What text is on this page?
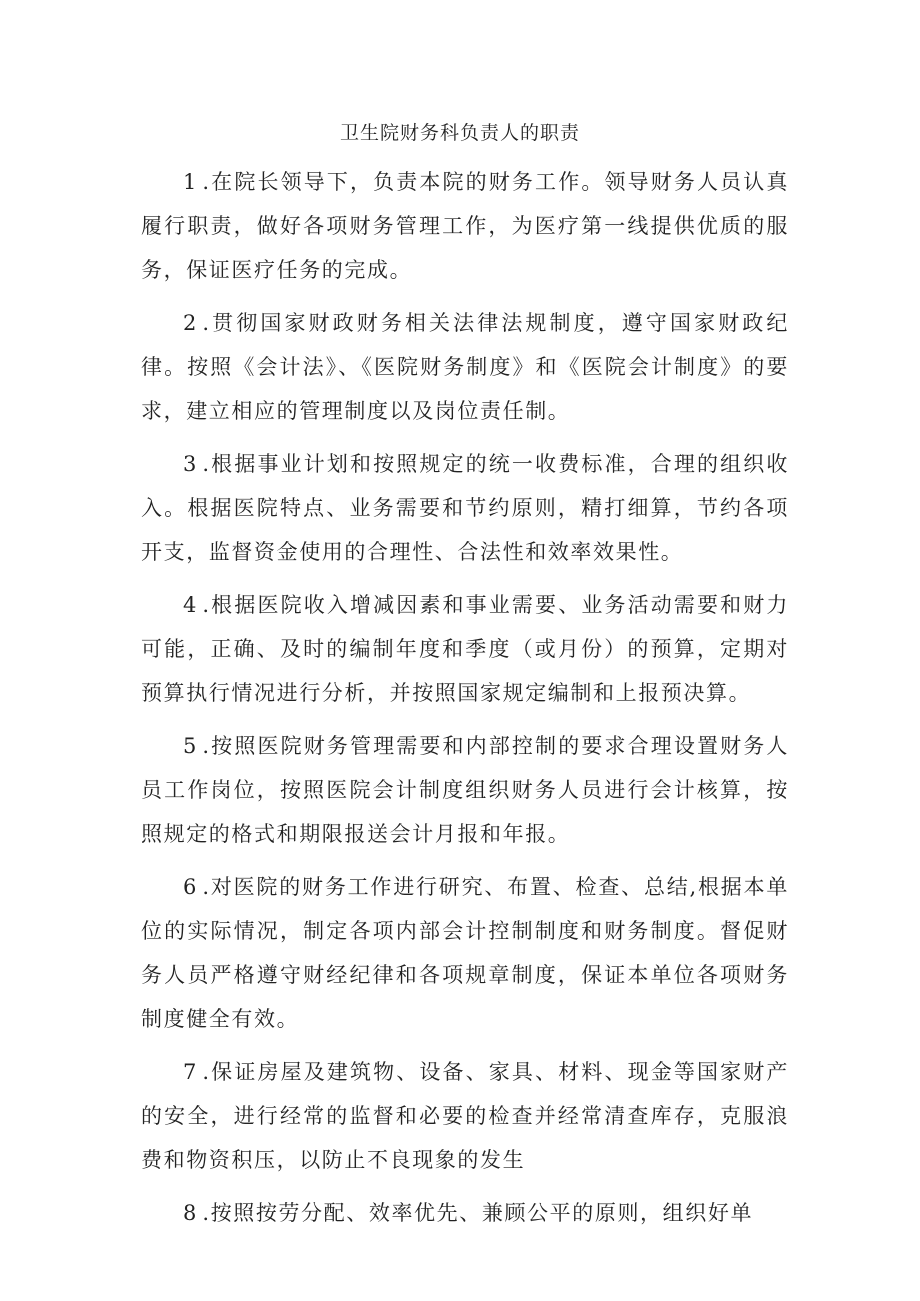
卫生院财务科负责人的职责

1 .在院长领导下，负责本院的财务工作。领导财务人员认真履行职责，做好各项财务管理工作，为医疗第一线提供优质的服务，保证医疗任务的完成。

2 .贯彻国家财政财务相关法律法规制度，遵守国家财政纪律。按照《会计法》、《医院财务制度》和《医院会计制度》的要求，建立相应的管理制度以及岗位责任制。

3 .根据事业计划和按照规定的统一收费标准，合理的组织收入。根据医院特点、业务需要和节约原则，精打细算，节约各项开支，监督资金使用的合理性、合法性和效率效果性。

4 .根据医院收入增减因素和事业需要、业务活动需要和财力可能，正确、及时的编制年度和季度（或月份）的预算，定期对预算执行情况进行分析，并按照国家规定编制和上报预决算。

5 .按照医院财务管理需要和内部控制的要求合理设置财务人员工作岗位，按照医院会计制度组织财务人员进行会计核算，按照规定的格式和期限报送会计月报和年报。

6 .对医院的财务工作进行研究、布置、检查、总结,根据本单位的实际情况，制定各项内部会计控制制度和财务制度。督促财务人员严格遵守财经纪律和各项规章制度，保证本单位各项财务制度健全有效。

7 .保证房屋及建筑物、设备、家具、材料、现金等国家财产的安全，进行经常的监督和必要的检查并经常清查库存，克服浪费和物资积压，以防止不良现象的发生

8 .按照按劳分配、效率优先、兼顾公平的原则，组织好单
